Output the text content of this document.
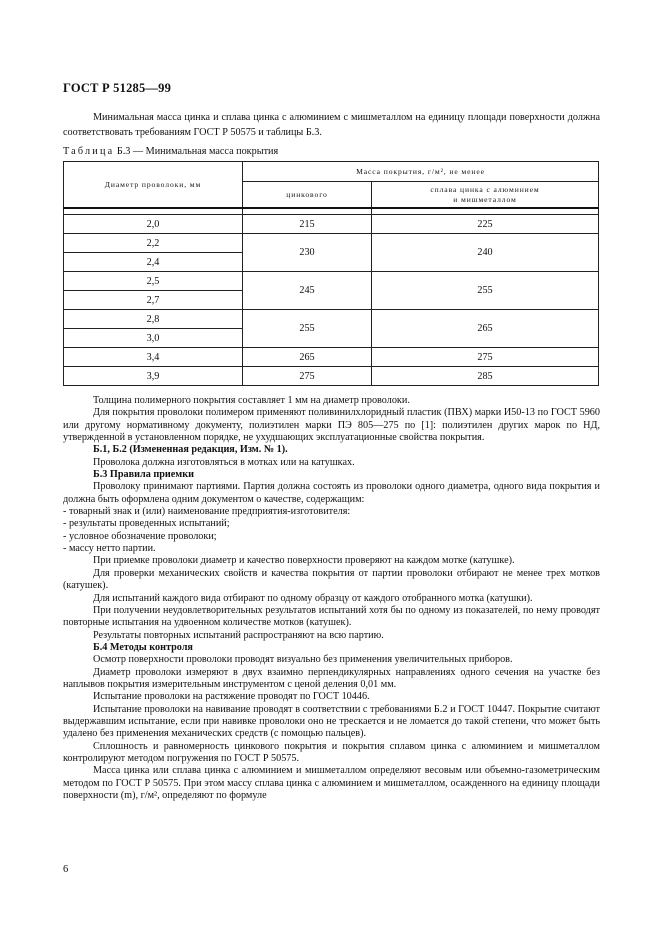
ГОСТ Р 51285—99
Минимальная масса цинка и сплава цинка с алюминием с мишметаллом на единицу площади поверхности должна соответствовать требованиям ГОСТ Р 50575 и таблицы Б.3.
Таблица Б.3 — Минимальная масса покрытия
Диаметр проволоки, мм	Масса покрытия, г/м², не менее	
	цинкового	сплава цинка с алюминием
и мишметаллом

2,0	215	225
2,2	230	240
2,4		
2,5	245	255
2,7		
2,8	255	265
3,0		
3,4	265	275
3,9	275	285

Толщина полимерного покрытия составляет 1 мм на диаметр проволоки.

Для покрытия проволоки полимером применяют поливинилхлоридный пластик (ПВХ) марки И50-13 по ГОСТ 5960 или другому нормативному документу, полиэтилен марки ПЭ 805—275 по [1]: полиэтилен других марок по НД, утвержденной в установленном порядке, не ухудшающих эксплуатационные свойства покрытия.

Б.1, Б.2 (Измененная редакция, Изм. № 1).

Проволока должна изготовляться в мотках или на катушках.

Б.3 Правила приемки

Проволоку принимают партиями. Партия должна состоять из проволоки одного диаметра, одного вида покрытия и должна быть оформлена одним документом о качестве, содержащим:

- товарный знак и (или) наименование предприятия-изготовителя:

- результаты проведенных испытаний;

- условное обозначение проволоки;

- массу нетто партии.

При приемке проволоки диаметр и качество поверхности проверяют на каждом мотке (катушке).

Для проверки механических свойств и качества покрытия от партии проволоки отбирают не менее трех мотков (катушек).

Для испытаний каждого вида отбирают по одному образцу от каждого отобранного мотка (катушки).

При получении неудовлетворительных результатов испытаний хотя бы по одному из показателей, по нему проводят повторные испытания на удвоенном количестве мотков (катушек).

Результаты повторных испытаний распространяют на всю партию.

Б.4 Методы контроля

Осмотр поверхности проволоки проводят визуально без применения увеличительных приборов.

Диаметр проволоки измеряют в двух взаимно перпендикулярных направлениях одного сечения на участке без наплывов покрытия измерительным инструментом с ценой деления 0,01 мм.

Испытание проволоки на растяжение проводят по ГОСТ 10446.

Испытание проволоки на навивание проводят в соответствии с требованиями Б.2 и ГОСТ 10447. Покрытие считают выдержавшим испытание, если при навивке проволоки оно не трескается и не ломается до такой степени, что может быть удалено без применения механических средств (с помощью пальцев).

Сплошность и равномерность цинкового покрытия и покрытия сплавом цинка с алюминием и мишметаллом контролируют методом погружения по ГОСТ Р 50575.

Масса цинка или сплава цинка с алюминием и мишметаллом определяют весовым или объемно-газометрическим методом по ГОСТ Р 50575. При этом массу сплава цинка с алюминием и мишметаллом, осажденного на единицу площади поверхности (m), г/м², определяют по формуле

6
